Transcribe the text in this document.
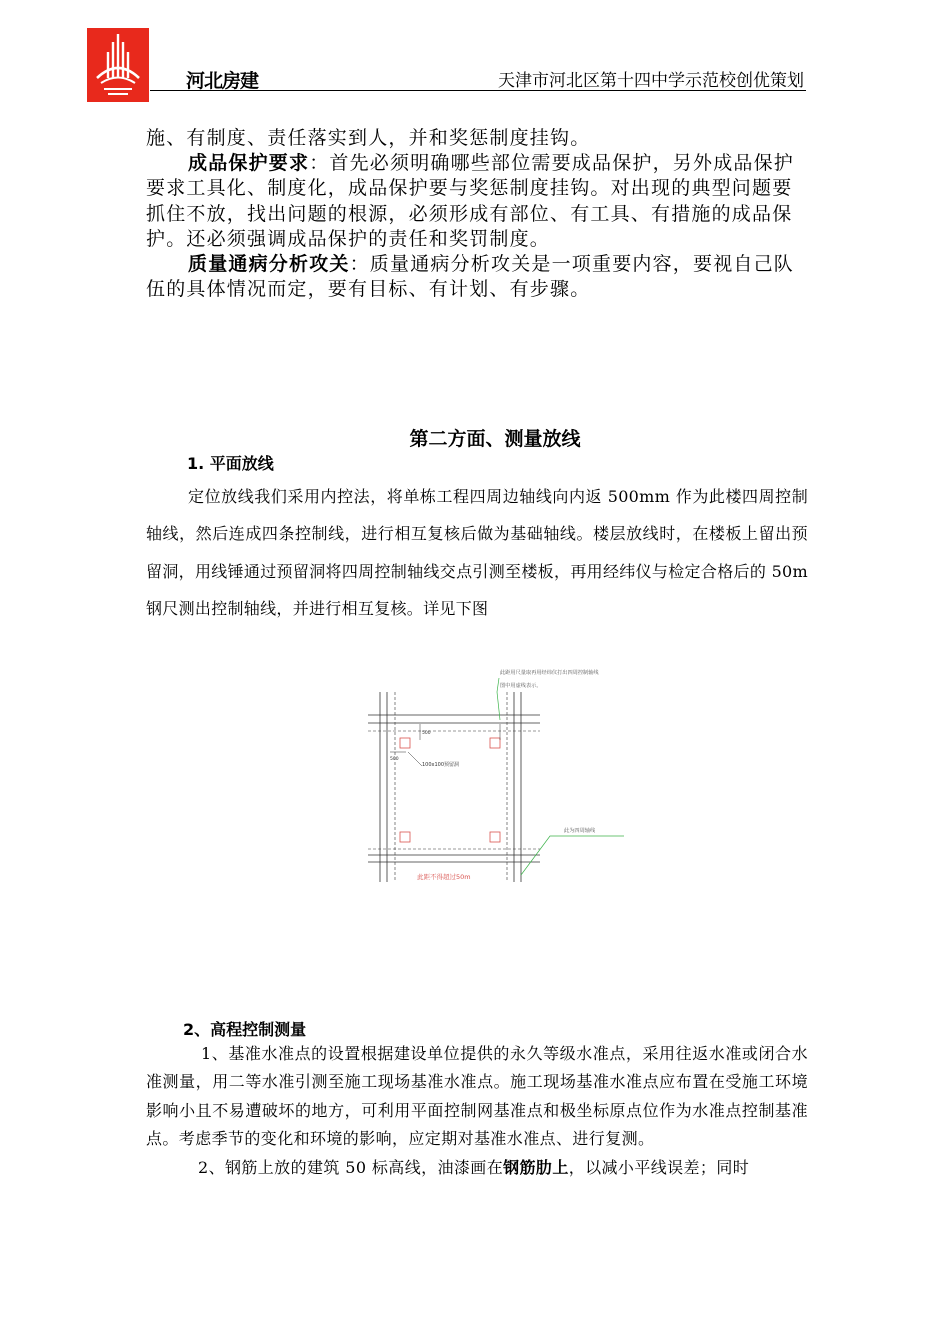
河北房建	天津市河北区第十四中学示范校创优策划

施、有制度、责任落实到人，并和奖惩制度挂钩。

成品保护要求：首先必须明确哪些部位需要成品保护，另外成品保护要求工具化、制度化，成品保护要与奖惩制度挂钩。对出现的典型问题要抓住不放，找出问题的根源，必须形成有部位、有工具、有措施的成品保护。还必须强调成品保护的责任和奖罚制度。

质量通病分析攻关：质量通病分析攻关是一项重要内容，要视自己队伍的具体情况而定，要有目标、有计划、有步骤。

第二方面、测量放线
1. 平面放线

定位放线我们采用内控法，将单栋工程四周边轴线向内返 500mm 作为此楼四周控制轴线，然后连成四条控制线，进行相互复核后做为基础轴线。楼层放线时，在楼板上留出预留洞，用线锤通过预留洞将四周控制轴线交点引测至楼板，再用经纬仪与检定合格后的 50m 钢尺测出控制轴线，并进行相互复核。详见下图

500
500
100x100预留洞
此距用尺量取再用经纬仪打出四周控制轴线
图中用虚线表示。
此为四周轴线
此距不得超过50m
2、高程控制测量

1、基准水准点的设置根据建设单位提供的永久等级水准点，采用往返水准或闭合水准测量，用二等水准引测至施工现场基准水准点。施工现场基准水准点应布置在受施工环境影响小且不易遭破坏的地方，可利用平面控制网基准点和极坐标原点位作为水准点控制基准点。考虑季节的变化和环境的影响，应定期对基准水准点、进行复测。

2、钢筋上放的建筑 50 标高线，油漆画在钢筋肋上，以减小平线误差；同时
